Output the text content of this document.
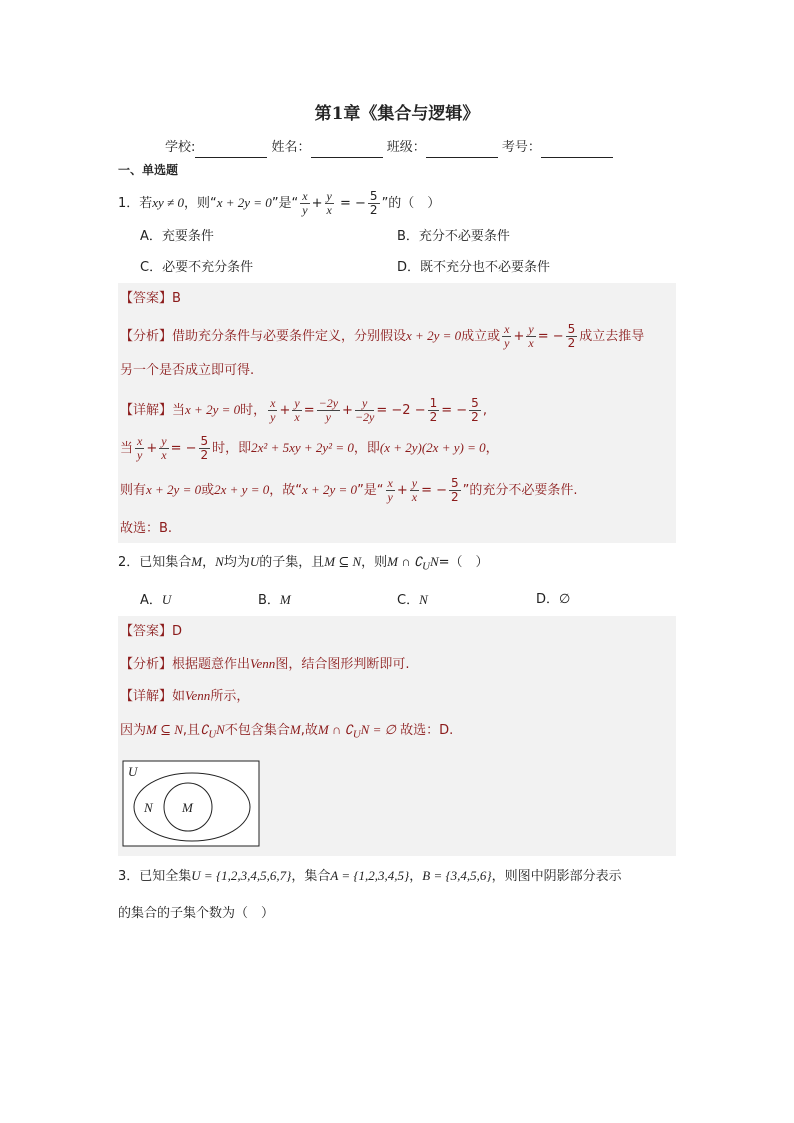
第1章《集合与逻辑》
学校:	姓名：	班级：	考号：
一、单选题
1．若xy ≠ 0，则“x + 2y = 0”是“ $\frac{x}{y} + \frac{y}{x}$ = − $\frac{5}{2}$ ”的（　）
A．充要条件	B．充分不必要条件
C．必要不充分条件	D．既不充分也不必要条件
【答案】B
【分析】借助充分条件与必要条件定义，分别假设x + 2y = 0成立或 $\frac{x}{y} + \frac{y}{x}$ = − $\frac{5}{2}$ 成立去推导
另一个是否成立即可得.
【详解】当x + 2y = 0时， $\frac{x}{y} + \frac{y}{x} = \frac{-2y}{y} + \frac{y}{-2y} = -2 - \frac{1}{2}$ = − $\frac{5}{2}$ ,
当 $\frac{x}{y} + \frac{y}{x}$ = − $\frac{5}{2}$ 时，即2x² + 5xy + 2y² = 0，即(x + 2y)(2x + y) = 0，
则有x + 2y = 0或2x + y = 0，故“x + 2y = 0”是“ $\frac{x}{y} + \frac{y}{x}$ = − $\frac{5}{2}$ ”的充分不必要条件.
故选：B.
2．已知集合M，N均为U的子集，且M ⊆ N，则M ∩ $∁_UN=$（　）
A．U	B．M	C．N	D．∅
【答案】D
【分析】根据题意作出Venn图，结合图形判断即可.
【详解】如Venn所示，
因为M ⊆ N,且$∁_UN$不包含集合M,故M ∩ $∁_UN$ = ∅ 故选：D.
U
N M
3．已知全集U = {1,2,3,4,5,6,7}，集合A = {1,2,3,4,5}，B = {3,4,5,6}，则图中阴影部分表示
的集合的子集个数为（　）
